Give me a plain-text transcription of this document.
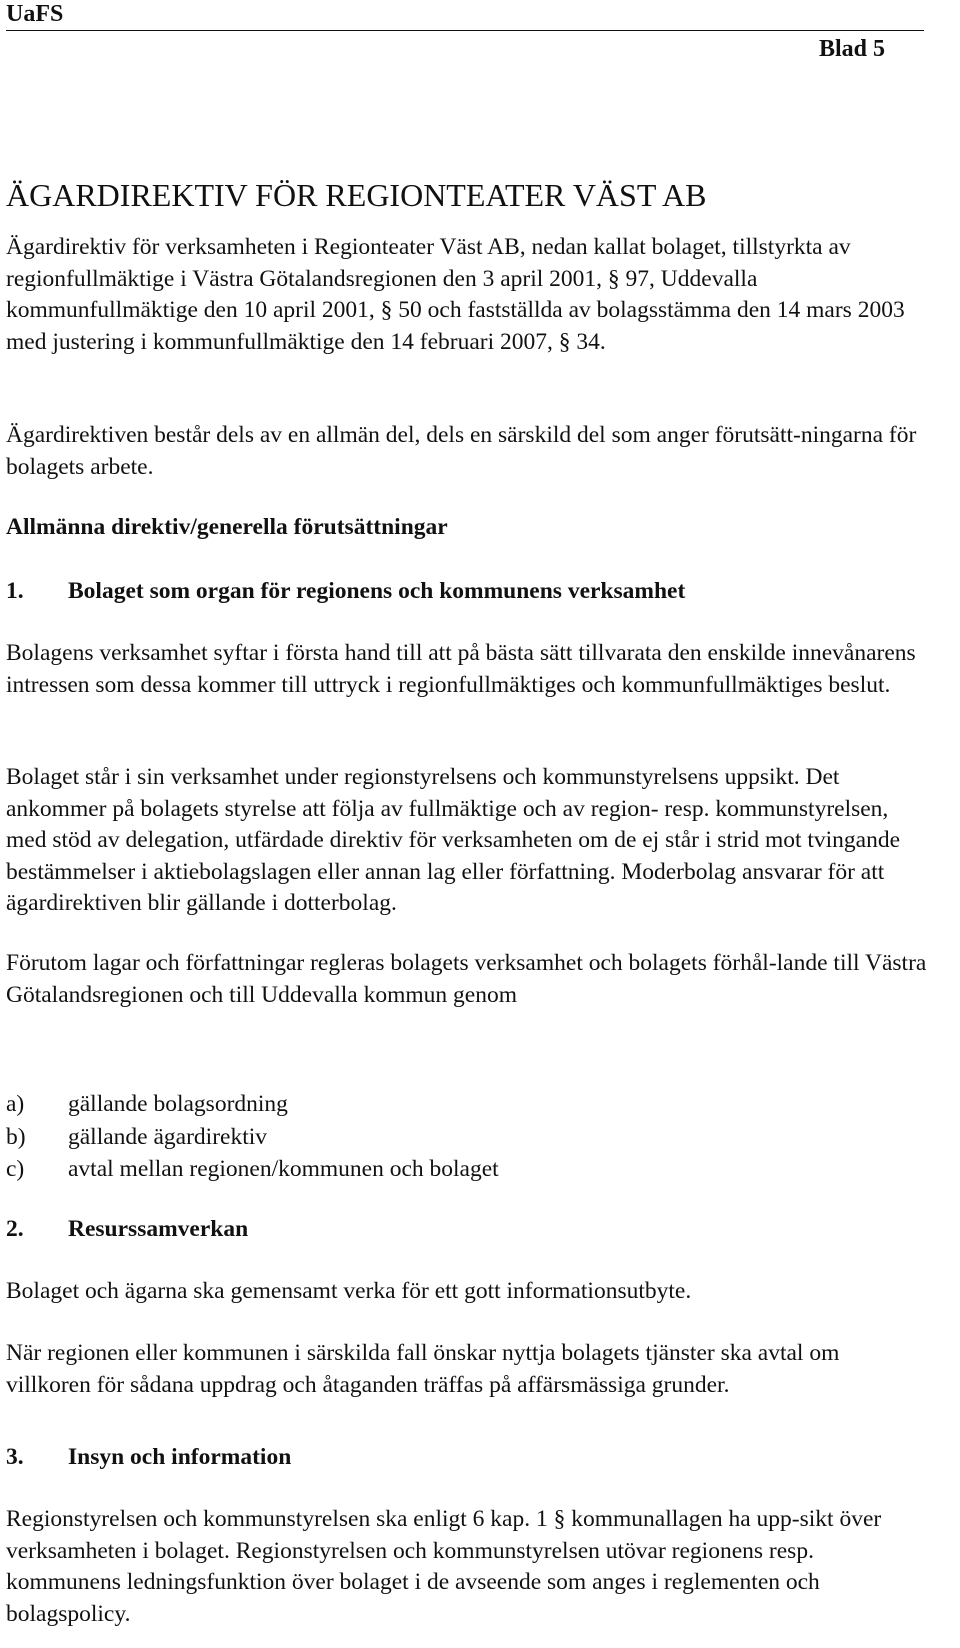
UaFS
Blad 5
ÄGARDIREKTIV FÖR REGIONTEATER VÄST AB
Ägardirektiv för verksamheten i Regionteater Väst AB, nedan kallat bolaget, tillstyrkta av regionfullmäktige i Västra Götalandsregionen den 3 april 2001, § 97, Uddevalla kommunfullmäktige den 10 april 2001, § 50 och fastställda av bolagsstämma den 14 mars 2003 med justering i kommunfullmäktige den 14 februari 2007, § 34.
Ägardirektiven består dels av en allmän del, dels en särskild del som anger förutsätt-ningarna för bolagets arbete.
Allmänna direktiv/generella förutsättningar
1. Bolaget som organ för regionens och kommunens verksamhet
Bolagens verksamhet syftar i första hand till att på bästa sätt tillvarata den enskilde innevånarens intressen som dessa kommer till uttryck i regionfullmäktiges och kommunfullmäktiges beslut.
Bolaget står i sin verksamhet under regionstyrelsens och kommunstyrelsens uppsikt. Det ankommer på bolagets styrelse att följa av fullmäktige och av region- resp. kommunstyrelsen, med stöd av delegation, utfärdade direktiv för verksamheten om de ej står i strid mot tvingande bestämmelser i aktiebolagslagen eller annan lag eller författning. Moderbolag ansvarar för att ägardirektiven blir gällande i dotterbolag.
Förutom lagar och författningar regleras bolagets verksamhet och bolagets förhål-lande till Västra Götalandsregionen och till Uddevalla kommun genom
a) gällande bolagsordning
b) gällande ägardirektiv
c) avtal mellan regionen/kommunen och bolaget
2. Resurssamverkan
Bolaget och ägarna ska gemensamt verka för ett gott informationsutbyte.
När regionen eller kommunen i särskilda fall önskar nyttja bolagets tjänster ska avtal om villkoren för sådana uppdrag och åtaganden träffas på affärsmässiga grunder.
3. Insyn och information
Regionstyrelsen och kommunstyrelsen ska enligt 6 kap. 1 § kommunallagen ha upp-sikt över verksamheten i bolaget. Regionstyrelsen och kommunstyrelsen utövar regionens resp. kommunens ledningsfunktion över bolaget i de avseende som anges i reglementen och bolagspolicy.
